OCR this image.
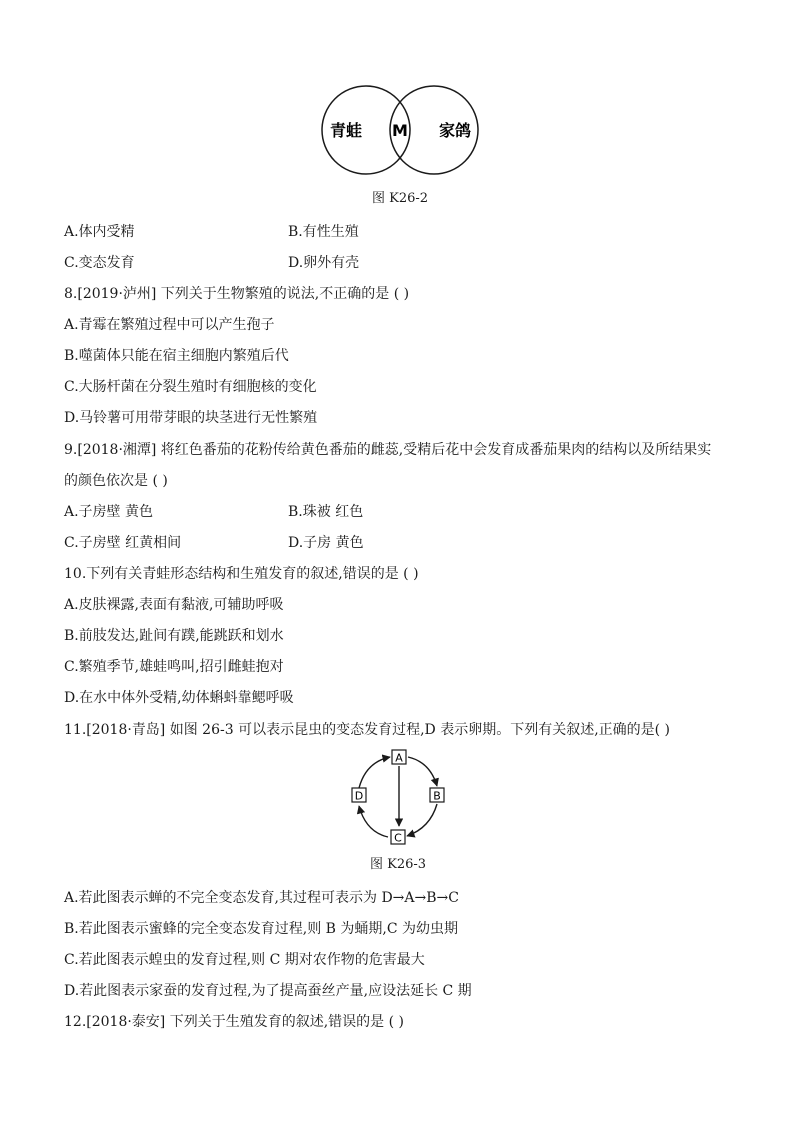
青蛙 M 家鸽
图 K26-2
A.体内受精	B.有性生殖
C.变态发育	D.卵外有壳
8.[2019·泸州] 下列关于生物繁殖的说法,不正确的是 ( )
A.青霉在繁殖过程中可以产生孢子
B.噬菌体只能在宿主细胞内繁殖后代
C.大肠杆菌在分裂生殖时有细胞核的变化
D.马铃薯可用带芽眼的块茎进行无性繁殖
9.[2018·湘潭] 将红色番茄的花粉传给黄色番茄的雌蕊,受精后花中会发育成番茄果肉的结构以及所结果实
的颜色依次是 ( )
A.子房壁 黄色	B.珠被 红色
C.子房壁 红黄相间	D.子房 黄色
10.下列有关青蛙形态结构和生殖发育的叙述,错误的是 ( )
A.皮肤裸露,表面有黏液,可辅助呼吸
B.前肢发达,趾间有蹼,能跳跃和划水
C.繁殖季节,雄蛙鸣叫,招引雌蛙抱对
D.在水中体外受精,幼体蝌蚪靠鳃呼吸
11.[2018·青岛] 如图 26-3 可以表示昆虫的变态发育过程,D 表示卵期。下列有关叙述,正确的是( )
A
B
C
D
图 K26-3
A.若此图表示蝉的不完全变态发育,其过程可表示为 D→A→B→C
B.若此图表示蜜蜂的完全变态发育过程,则 B 为蛹期,C 为幼虫期
C.若此图表示蝗虫的发育过程,则 C 期对农作物的危害最大
D.若此图表示家蚕的发育过程,为了提高蚕丝产量,应设法延长 C 期
12.[2018·泰安] 下列关于生殖发育的叙述,错误的是 ( )
